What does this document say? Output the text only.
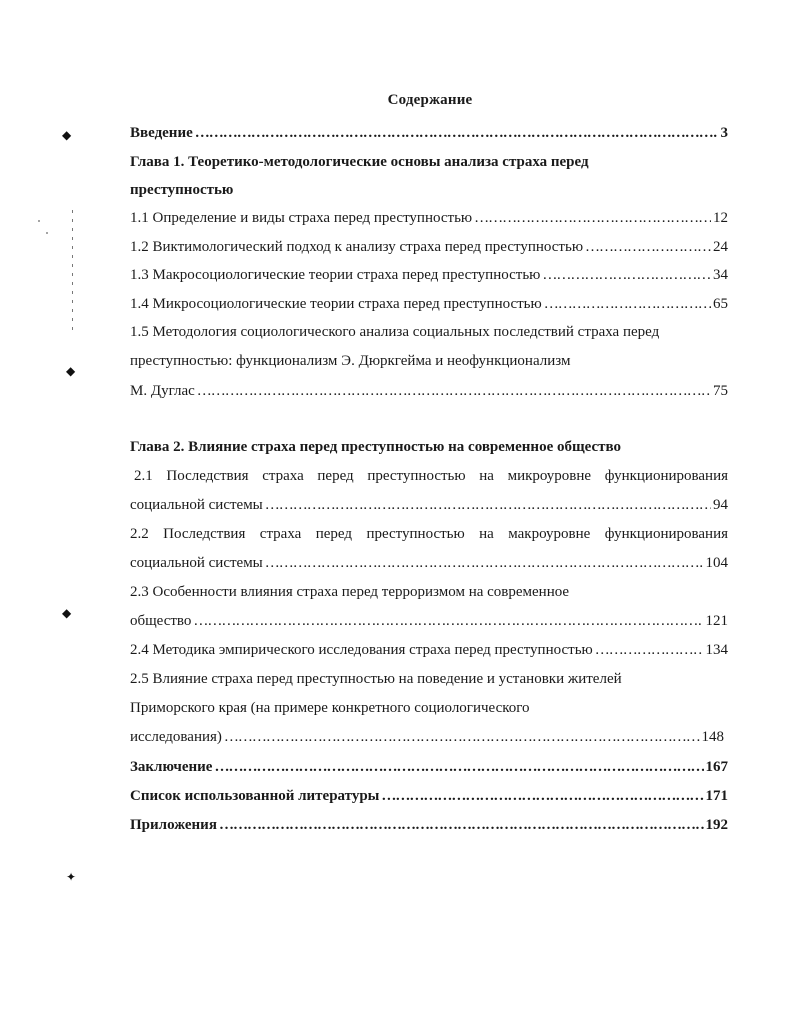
Содержание
Введение ……………………………………………………………………………………………………………………………………………………	3
Глава 1. Теоретико-методологические основы анализа страха перед
преступностью
1.1 Определение и виды страха перед преступностью ……………………………………………………………………………………………………………………………………………………	12
1.2 Виктимологический подход к анализу страха перед преступностью ……………………………………………………………………………………………………………………………………………………	24
1.3 Макросоциологические теории страха перед преступностью ……………………………………………………………………………………………………………………………………………………	34
1.4 Микросоциологические теории страха перед преступностью ……………………………………………………………………………………………………………………………………………………	65
1.5 Методология социологического анализа социальных последствий страха перед
преступностью: функционализм Э. Дюркгейма и неофункционализм
М. Дуглас ……………………………………………………………………………………………………………………………………………………	75
Глава 2. Влияние страха перед преступностью на современное общество
2.1 Последствия страха перед преступностью на микроуровне функционирования
социальной системы ……………………………………………………………………………………………………………………………………………………	94
2.2 Последствия страха перед преступностью на макроуровне функционирования
социальной системы ……………………………………………………………………………………………………………………………………………………	104
2.3 Особенности влияния страха перед терроризмом на современное
общество ……………………………………………………………………………………………………………………………………………………	121
2.4 Методика эмпирического исследования страха перед преступностью ……………………………………………………………………………………………………………………………………………………	134
2.5 Влияние страха перед преступностью на поведение и установки жителей
Приморского края (на примере конкретного социологического
исследования) ……………………………………………………………………………………………………………………………………………………	148
Заключение ……………………………………………………………………………………………………………………………………………………	167
Список использованной литературы ……………………………………………………………………………………………………………………………………………………	171
Приложения ……………………………………………………………………………………………………………………………………………………	192
◆
◆
◆
✦
